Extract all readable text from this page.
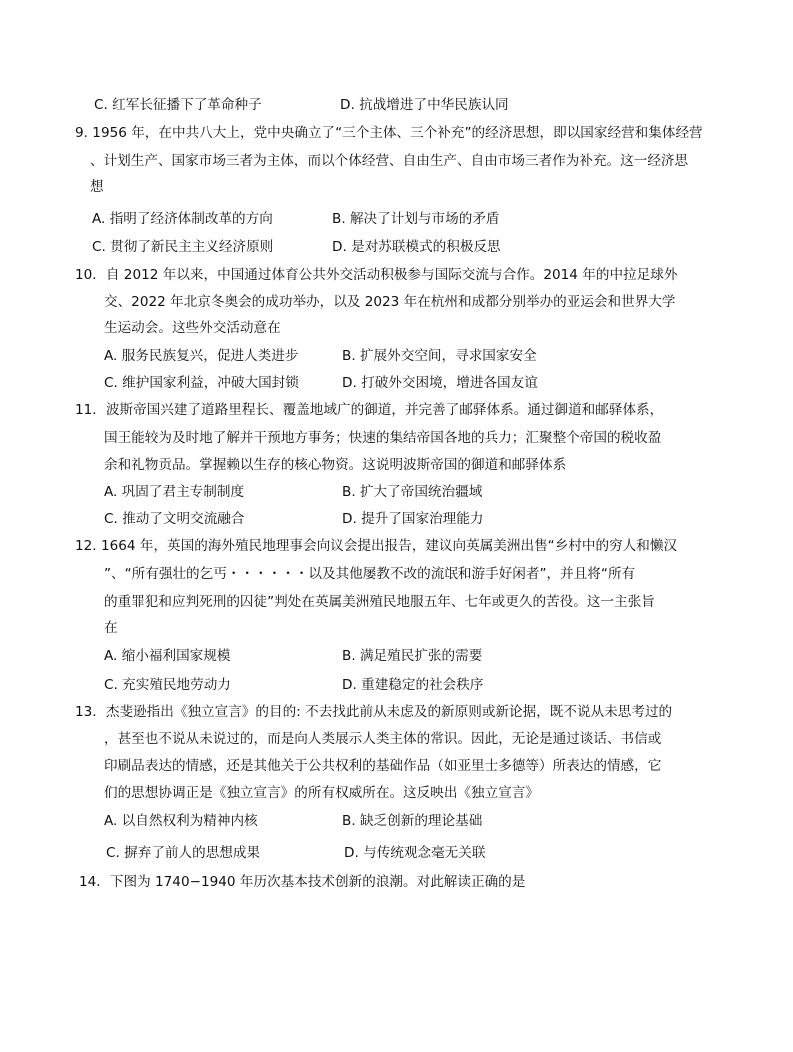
C. 红军长征播下了革命种子	D. 抗战增进了中华民族认同
9. 1956 年，在中共八大上，党中央确立了“三个主体、三个补充”的经济思想，即以国家经营和集体经营
、计划生产、国家市场三者为主体，而以个体经营、自由生产、自由市场三者作为补充。这一经济思
想
A. 指明了经济体制改革的方向	B. 解决了计划与市场的矛盾
C. 贯彻了新民主主义经济原则	D. 是对苏联模式的积极反思
10．自 2012 年以来，中国通过体育公共外交活动积极参与国际交流与合作。2014 年的中拉足球外
交、2022 年北京冬奥会的成功举办，以及 2023 年在杭州和成都分别举办的亚运会和世界大学
生运动会。这些外交活动意在
A. 服务民族复兴，促进人类进步	B. 扩展外交空间，寻求国家安全
C. 维护国家利益，冲破大国封锁	D. 打破外交困境，增进各国友谊
11．波斯帝国兴建了道路里程长、覆盖地域广的御道，并完善了邮驿体系。通过御道和邮驿体系，
国王能较为及时地了解并干预地方事务；快速的集结帝国各地的兵力；汇聚整个帝国的税收盈
余和礼物贡品。掌握赖以生存的核心物资。这说明波斯帝国的御道和邮驿体系
A. 巩固了君主专制制度	B. 扩大了帝国统治疆域
C. 推动了文明交流融合	D. 提升了国家治理能力
12. 1664 年，英国的海外殖民地理事会向议会提出报告，建议向英属美洲出售“乡村中的穷人和懒汉
”、“所有强壮的乞丐・・・・・・以及其他屡教不改的流氓和游手好闲者”，并且将“所有
的重罪犯和应判死刑的囚徒”判处在英属美洲殖民地服五年、七年或更久的苦役。这一主张旨
在
A. 缩小福利国家规模	B. 满足殖民扩张的需要
C. 充实殖民地劳动力	D. 重建稳定的社会秩序
13．杰斐逊指出《独立宣言》的目的: 不去找此前从未虑及的新原则或新论据，既不说从未思考过的
，甚至也不说从未说过的，而是向人类展示人类主体的常识。因此，无论是通过谈话、书信或
印刷品表达的情感，还是其他关于公共权利的基础作品（如亚里士多德等）所表达的情感，它
们的思想协调正是《独立宣言》的所有权威所在。这反映出《独立宣言》
A. 以自然权利为精神内核	B. 缺乏创新的理论基础
C. 摒弃了前人的思想成果	D. 与传统观念毫无关联
14．下图为 1740−1940 年历次基本技术创新的浪潮。对此解读正确的是
